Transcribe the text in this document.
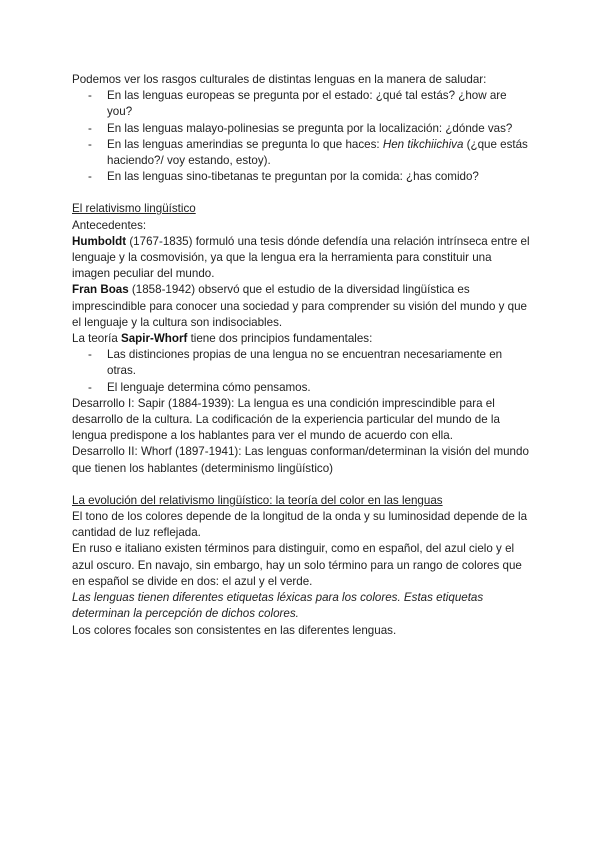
Podemos ver los rasgos culturales de distintas lenguas en la manera de saludar:

- En las lenguas europeas se pregunta por el estado: ¿qué tal estás? ¿how are you?
- En las lenguas malayo-polinesias se pregunta por la localización: ¿dónde vas?
- En las lenguas amerindias se pregunta lo que haces: Hen tikchiichiva (¿que estás haciendo?/ voy estando, estoy).
- En las lenguas sino-tibetanas te preguntan por la comida: ¿has comido?

El relativismo lingüístico

Antecedentes:

Humboldt (1767-1835) formuló una tesis dónde defendía una relación intrínseca entre el lenguaje y la cosmovisión, ya que la lengua era la herramienta para constituir una imagen peculiar del mundo.

Fran Boas (1858-1942) observó que el estudio de la diversidad lingüística es imprescindible para conocer una sociedad y para comprender su visión del mundo y que el lenguaje y la cultura son indisociables.

La teoría Sapir-Whorf tiene dos principios fundamentales:

- Las distinciones propias de una lengua no se encuentran necesariamente en otras.
- El lenguaje determina cómo pensamos.

Desarrollo I: Sapir (1884-1939): La lengua es una condición imprescindible para el desarrollo de la cultura. La codificación de la experiencia particular del mundo de la lengua predispone a los hablantes para ver el mundo de acuerdo con ella.

Desarrollo II: Whorf (1897-1941): Las lenguas conforman/determinan la visión del mundo que tienen los hablantes (determinismo lingüístico)

La evolución del relativismo lingüístico: la teoría del color en las lenguas

El tono de los colores depende de la longitud de la onda y su luminosidad depende de la cantidad de luz reflejada.

En ruso e italiano existen términos para distinguir, como en español, del azul cielo y el azul oscuro. En navajo, sin embargo, hay un solo término para un rango de colores que en español se divide en dos: el azul y el verde.

Las lenguas tienen diferentes etiquetas léxicas para los colores. Estas etiquetas determinan la percepción de dichos colores.

Los colores focales son consistentes en las diferentes lenguas.
